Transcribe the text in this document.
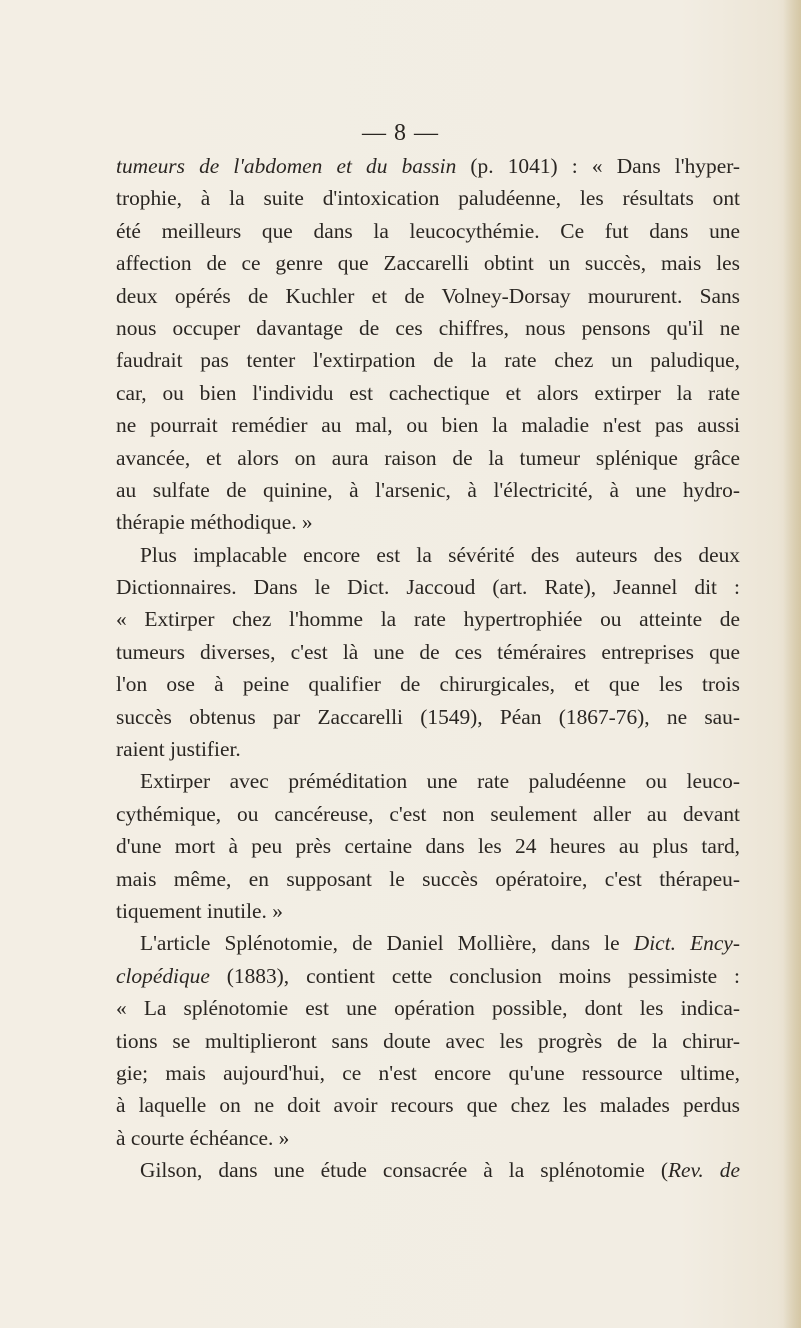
— 8 —
tumeurs de l'abdomen et du bassin (p. 1041) : « Dans l'hyper-
trophie, à la suite d'intoxication paludéenne, les résultats ont
été meilleurs que dans la leucocythémie. Ce fut dans une
affection de ce genre que Zaccarelli obtint un succès, mais les
deux opérés de Kuchler et de Volney-Dorsay moururent. Sans
nous occuper davantage de ces chiffres, nous pensons qu'il ne
faudrait pas tenter l'extirpation de la rate chez un paludique,
car, ou bien l'individu est cachectique et alors extirper la rate
ne pourrait remédier au mal, ou bien la maladie n'est pas aussi
avancée, et alors on aura raison de la tumeur splénique grâce
au sulfate de quinine, à l'arsenic, à l'électricité, à une hydro-
thérapie méthodique. »
Plus implacable encore est la sévérité des auteurs des deux
Dictionnaires. Dans le Dict. Jaccoud (art. Rate), Jeannel dit :
« Extirper chez l'homme la rate hypertrophiée ou atteinte de
tumeurs diverses, c'est là une de ces téméraires entreprises que
l'on ose à peine qualifier de chirurgicales, et que les trois
succès obtenus par Zaccarelli (1549), Péan (1867-76), ne sau-
raient justifier.
Extirper avec préméditation une rate paludéenne ou leuco-
cythémique, ou cancéreuse, c'est non seulement aller au devant
d'une mort à peu près certaine dans les 24 heures au plus tard,
mais même, en supposant le succès opératoire, c'est thérapeu-
tiquement inutile. »
L'article Splénotomie, de Daniel Mollière, dans le Dict. Ency-
clopédique (1883), contient cette conclusion moins pessimiste :
« La splénotomie est une opération possible, dont les indica-
tions se multiplieront sans doute avec les progrès de la chirur-
gie; mais aujourd'hui, ce n'est encore qu'une ressource ultime,
à laquelle on ne doit avoir recours que chez les malades perdus
à courte échéance. »
Gilson, dans une étude consacrée à la splénotomie (Rev. de
